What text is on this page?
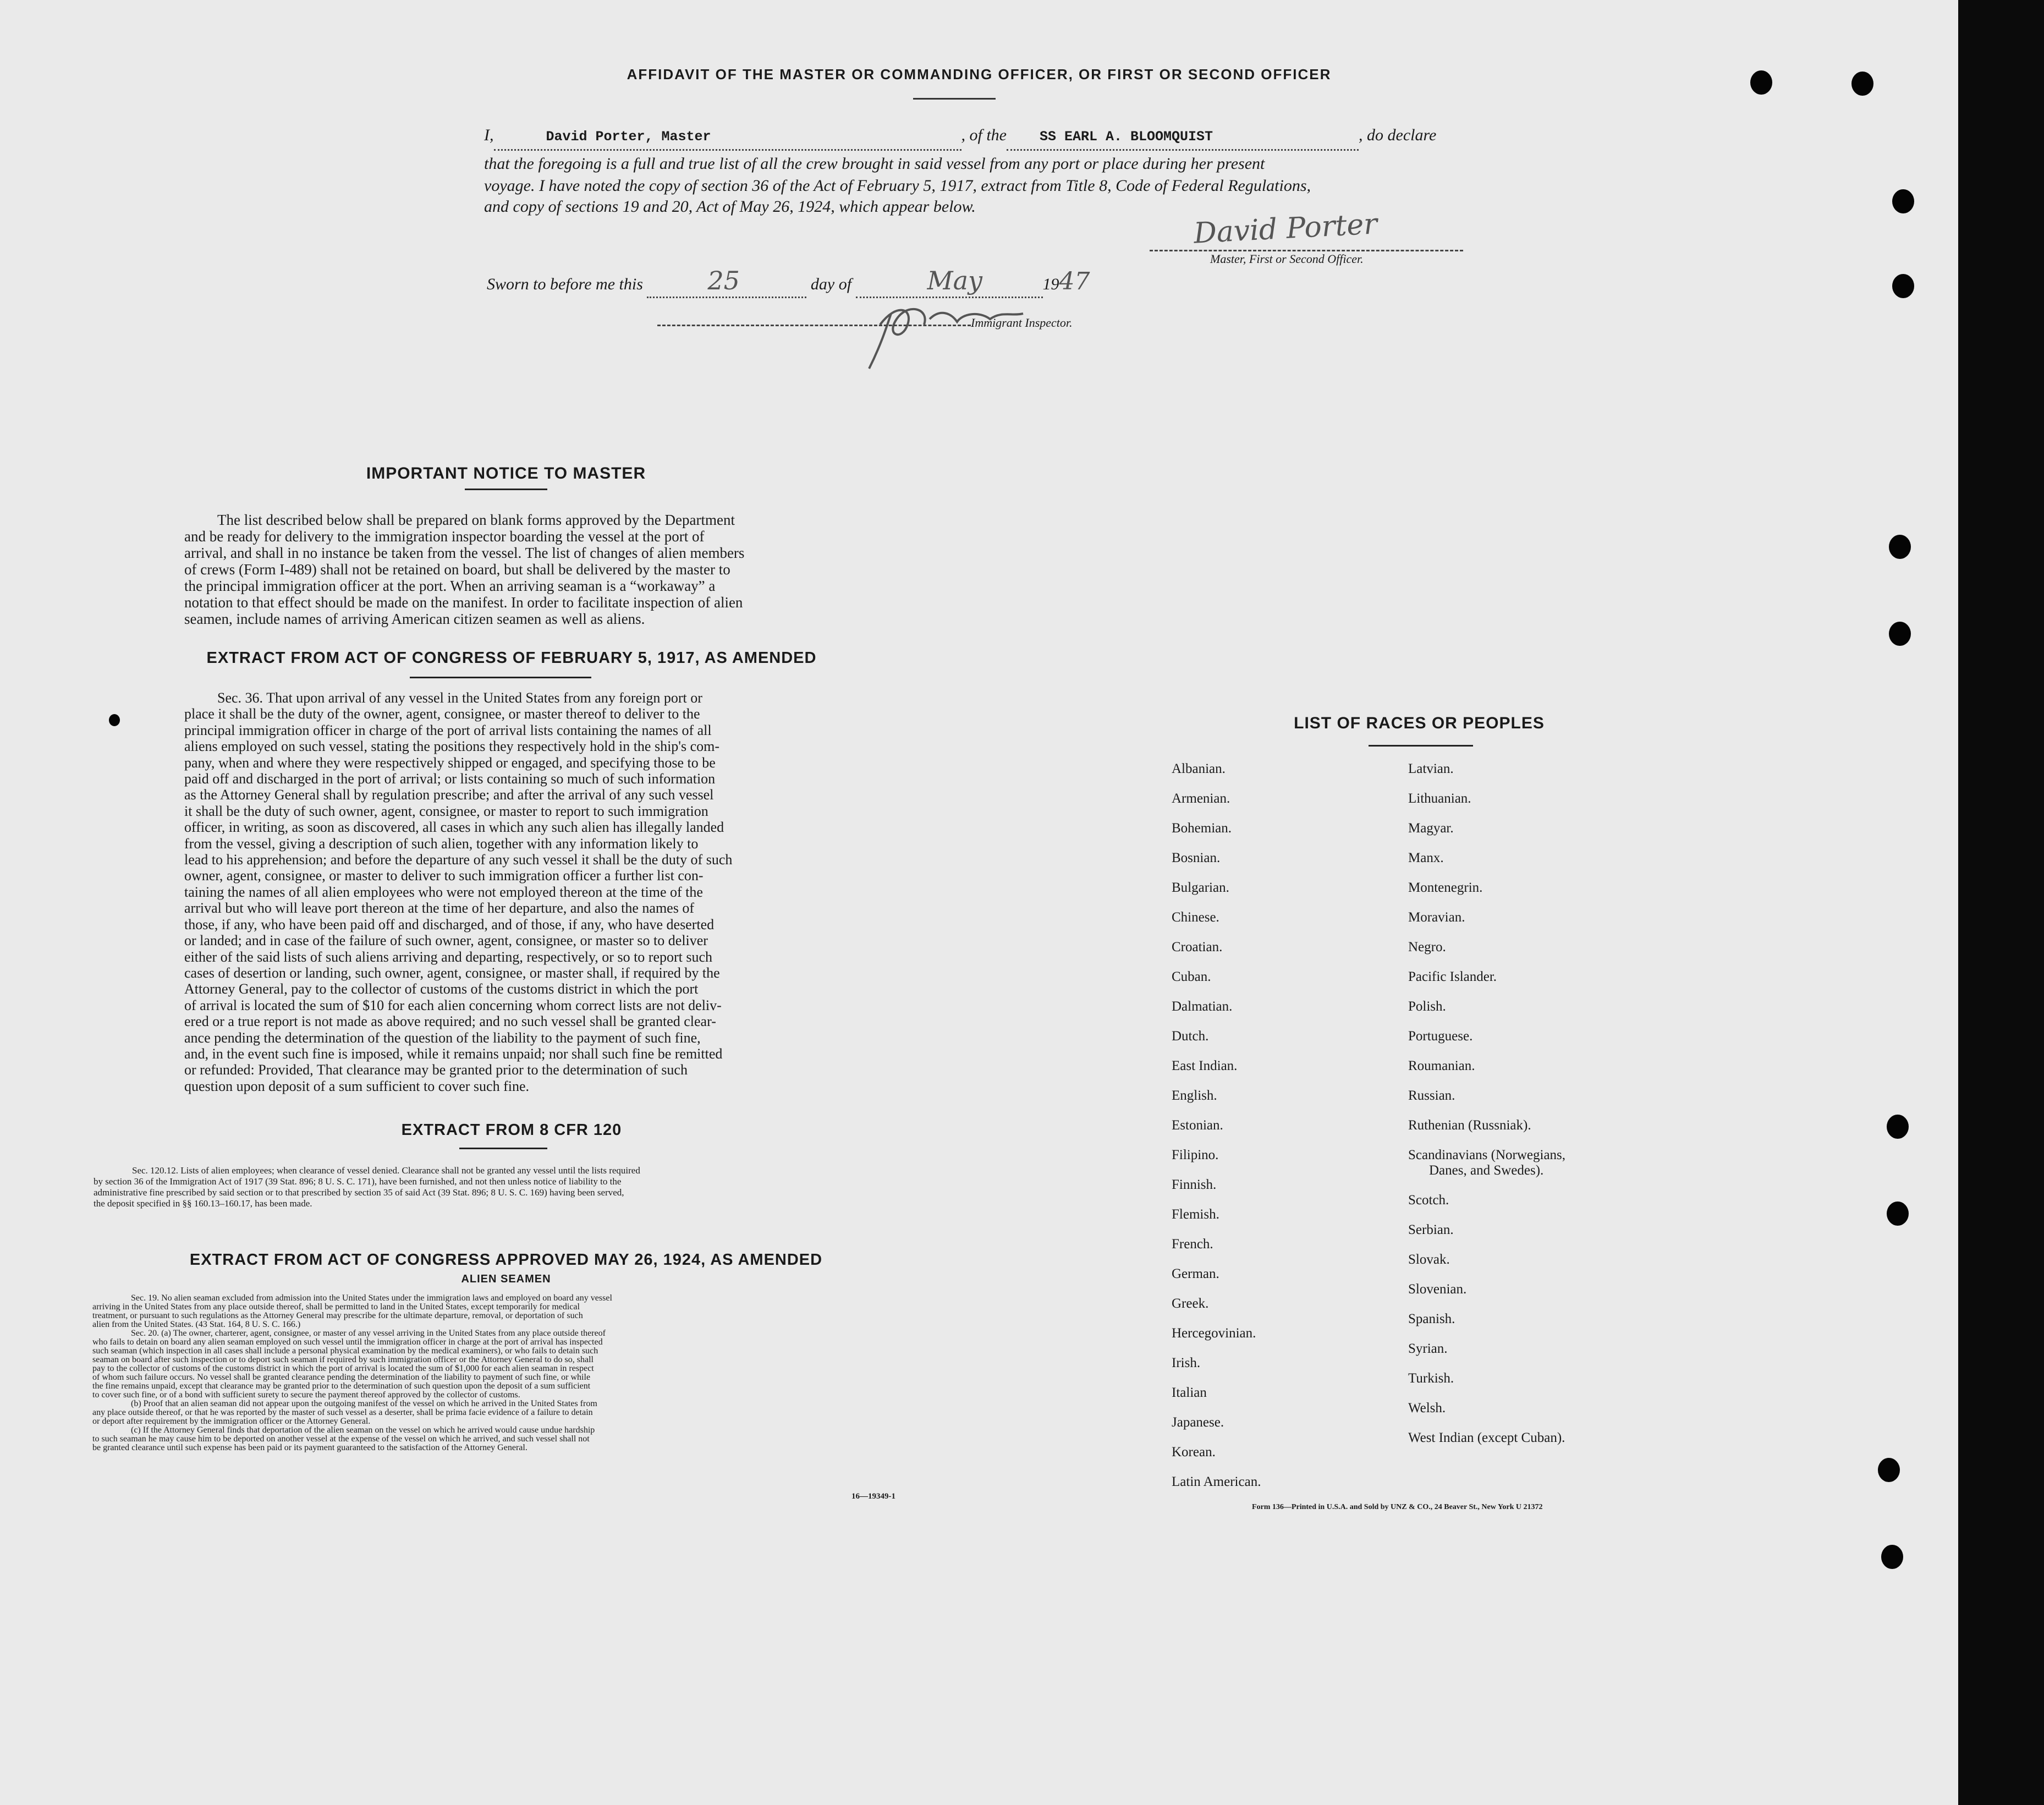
AFFIDAVIT OF THE MASTER OR COMMANDING OFFICER, OR FIRST OR SECOND OFFICER
I,	David Porter, Master	, of the SS EARL A. BLOOMQUIST	, do declare
that the foregoing is a full and true list of all the crew brought in said vessel from any port or place during her present
voyage. I have noted the copy of section 36 of the Act of February 5, 1917, extract from Title 8, Code of Federal Regulations,
and copy of sections 19 and 20, Act of May 26, 1924, which appear below.
David Porter
Master, First or Second Officer.
Sworn to before me this	25	day of	May	1947
Immigrant Inspector.
IMPORTANT NOTICE TO MASTER
The list described below shall be prepared on blank forms approved by the Department
and be ready for delivery to the immigration inspector boarding the vessel at the port of
arrival, and shall in no instance be taken from the vessel. The list of changes of alien members
of crews (Form I-489) shall not be retained on board, but shall be delivered by the master to
the principal immigration officer at the port. When an arriving seaman is a “workaway” a
notation to that effect should be made on the manifest. In order to facilitate inspection of alien
seamen, include names of arriving American citizen seamen as well as aliens.
EXTRACT FROM ACT OF CONGRESS OF FEBRUARY 5, 1917, AS AMENDED
Sec. 36. That upon arrival of any vessel in the United States from any foreign port or
place it shall be the duty of the owner, agent, consignee, or master thereof to deliver to the
principal immigration officer in charge of the port of arrival lists containing the names of all
aliens employed on such vessel, stating the positions they respectively hold in the ship's com-
pany, when and where they were respectively shipped or engaged, and specifying those to be
paid off and discharged in the port of arrival; or lists containing so much of such information
as the Attorney General shall by regulation prescribe; and after the arrival of any such vessel
it shall be the duty of such owner, agent, consignee, or master to report to such immigration
officer, in writing, as soon as discovered, all cases in which any such alien has illegally landed
from the vessel, giving a description of such alien, together with any information likely to
lead to his apprehension; and before the departure of any such vessel it shall be the duty of such
owner, agent, consignee, or master to deliver to such immigration officer a further list con-
taining the names of all alien employees who were not employed thereon at the time of the
arrival but who will leave port thereon at the time of her departure, and also the names of
those, if any, who have been paid off and discharged, and of those, if any, who have deserted
or landed; and in case of the failure of such owner, agent, consignee, or master so to deliver
either of the said lists of such aliens arriving and departing, respectively, or so to report such
cases of desertion or landing, such owner, agent, consignee, or master shall, if required by the
Attorney General, pay to the collector of customs of the customs district in which the port
of arrival is located the sum of $10 for each alien concerning whom correct lists are not deliv-
ered or a true report is not made as above required; and no such vessel shall be granted clear-
ance pending the determination of the question of the liability to the payment of such fine,
and, in the event such fine is imposed, while it remains unpaid; nor shall such fine be remitted
or refunded: Provided, That clearance may be granted prior to the determination of such
question upon deposit of a sum sufficient to cover such fine.
EXTRACT FROM 8 CFR 120
Sec. 120.12. Lists of alien employees; when clearance of vessel denied. Clearance shall not be granted any vessel until the lists required
by section 36 of the Immigration Act of 1917 (39 Stat. 896; 8 U. S. C. 171), have been furnished, and not then unless notice of liability to the
administrative fine prescribed by said section or to that prescribed by section 35 of said Act (39 Stat. 896; 8 U. S. C. 169) having been served,
the deposit specified in §§ 160.13–160.17, has been made.
EXTRACT FROM ACT OF CONGRESS APPROVED MAY 26, 1924, AS AMENDED
ALIEN SEAMEN
Sec. 19. No alien seaman excluded from admission into the United States under the immigration laws and employed on board any vessel
arriving in the United States from any place outside thereof, shall be permitted to land in the United States, except temporarily for medical
treatment, or pursuant to such regulations as the Attorney General may prescribe for the ultimate departure, removal, or deportation of such
alien from the United States. (43 Stat. 164, 8 U. S. C. 166.)
Sec. 20. (a) The owner, charterer, agent, consignee, or master of any vessel arriving in the United States from any place outside thereof
who fails to detain on board any alien seaman employed on such vessel until the immigration officer in charge at the port of arrival has inspected
such seaman (which inspection in all cases shall include a personal physical examination by the medical examiners), or who fails to detain such
seaman on board after such inspection or to deport such seaman if required by such immigration officer or the Attorney General to do so, shall
pay to the collector of customs of the customs district in which the port of arrival is located the sum of $1,000 for each alien seaman in respect
of whom such failure occurs. No vessel shall be granted clearance pending the determination of the liability to payment of such fine, or while
the fine remains unpaid, except that clearance may be granted prior to the determination of such question upon the deposit of a sum sufficient
to cover such fine, or of a bond with sufficient surety to secure the payment thereof approved by the collector of customs.
(b) Proof that an alien seaman did not appear upon the outgoing manifest of the vessel on which he arrived in the United States from
any place outside thereof, or that he was reported by the master of such vessel as a deserter, shall be prima facie evidence of a failure to detain
or deport after requirement by the immigration officer or the Attorney General.
(c) If the Attorney General finds that deportation of the alien seaman on the vessel on which he arrived would cause undue hardship
to such seaman he may cause him to be deported on another vessel at the expense of the vessel on which he arrived, and such vessel shall not
be granted clearance until such expense has been paid or its payment guaranteed to the satisfaction of the Attorney General.
16—19349-1
LIST OF RACES OR PEOPLES
Albanian.
Armenian.
Bohemian.
Bosnian.
Bulgarian.
Chinese.
Croatian.
Cuban.
Dalmatian.
Dutch.
East Indian.
English.
Estonian.
Filipino.
Finnish.
Flemish.
French.
German.
Greek.
Hercegovinian.
Irish.
Italian
Japanese.
Korean.
Latin American.
Latvian.
Lithuanian.
Magyar.
Manx.
Montenegrin.
Moravian.
Negro.
Pacific Islander.
Polish.
Portuguese.
Roumanian.
Russian.
Ruthenian (Russniak).
Scandinavians (Norwegians,
Danes, and Swedes).
Scotch.
Serbian.
Slovak.
Slovenian.
Spanish.
Syrian.
Turkish.
Welsh.
West Indian (except Cuban).
Form 136—Printed in U.S.A. and Sold by UNZ & CO., 24 Beaver St., New York U 21372
